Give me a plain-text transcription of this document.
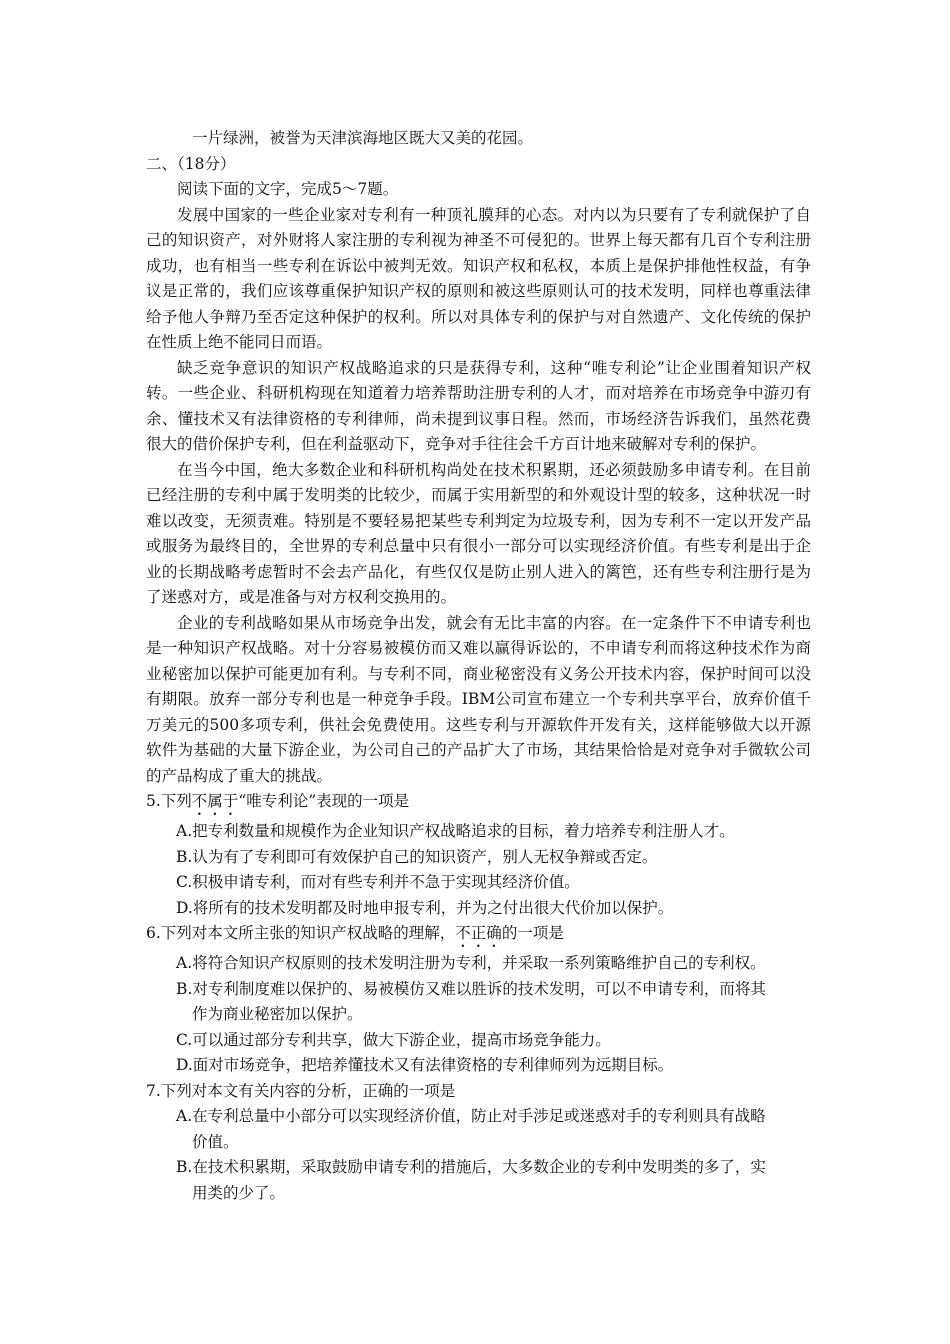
一片绿洲，被誉为天津滨海地区既大又美的花园。
二、（18分）
阅读下面的文字，完成5～7题。

发展中国家的一些企业家对专利有一种顶礼膜拜的心态。对内以为只要有了专利就保护了自己的知识资产，对外财将人家注册的专利视为神圣不可侵犯的。世界上每天都有几百个专利注册成功，也有相当一些专利在诉讼中被判无效。知识产权和私权，本质上是保护排他性权益，有争议是正常的，我们应该尊重保护知识产权的原则和被这些原则认可的技术发明，同样也尊重法律给予他人争辩乃至否定这种保护的权利。所以对具体专利的保护与对自然遗产、文化传统的保护在性质上绝不能同日而语。

缺乏竞争意识的知识产权战略追求的只是获得专利，这种“唯专利论”让企业围着知识产权转。一些企业、科研机构现在知道着力培养帮助注册专利的人才，而对培养在市场竞争中游刃有余、懂技术又有法律资格的专利律师，尚未提到议事日程。然而，市场经济告诉我们，虽然花费很大的借价保护专利，但在利益驱动下，竞争对手往往会千方百计地来破解对专利的保护。

在当今中国，绝大多数企业和科研机构尚处在技术积累期，还必须鼓励多申请专利。在目前已经注册的专利中属于发明类的比较少，而属于实用新型的和外观设计型的较多，这种状况一时难以改变，无须责难。特别是不要轻易把某些专利判定为垃圾专利，因为专利不一定以开发产品或服务为最终目的，全世界的专利总量中只有很小一部分可以实现经济价值。有些专利是出于企业的长期战略考虑暂时不会去产品化，有些仅仅是防止别人进入的篱笆，还有些专利注册行是为了迷惑对方，或是准备与对方权利交换用的。

企业的专利战略如果从市场竞争出发，就会有无比丰富的内容。在一定条件下不申请专利也是一种知识产权战略。对十分容易被模仿而又难以赢得诉讼的，不申请专利而将这种技术作为商业秘密加以保护可能更加有利。与专利不同，商业秘密没有义务公开技术内容，保护时间可以没有期限。放弃一部分专利也是一种竞争手段。IBM公司宣布建立一个专利共享平台，放弃价值千万美元的500多项专利，供社会免费使用。这些专利与开源软件开发有关，这样能够做大以开源软件为基础的大量下游企业，为公司自己的产品扩大了市场，其结果恰恰是对竞争对手微软公司的产品构成了重大的挑战。

5.下列不属于“唯专利论”表现的一项是
A.把专利数量和规模作为企业知识产权战略追求的目标，着力培养专利注册人才。
B.认为有了专利即可有效保护自己的知识资产，别人无权争辩或否定。
C.积极申请专利，而对有些专利并不急于实现其经济价值。
D.将所有的技术发明都及时地申报专利，并为之付出很大代价加以保护。
6.下列对本文所主张的知识产权战略的理解，不正确的一项是
A.将符合知识产权原则的技术发明注册为专利，并采取一系列策略维护自己的专利权。
B.对专利制度难以保护的、易被模仿又难以胜诉的技术发明，可以不申请专利，而将其
作为商业秘密加以保护。
C.可以通过部分专利共享，做大下游企业，提高市场竞争能力。
D.面对市场竞争，把培养懂技术又有法律资格的专利律师列为远期目标。
7.下列对本文有关内容的分析，正确的一项是
A.在专利总量中小部分可以实现经济价值，防止对手涉足或迷惑对手的专利则具有战略
价值。
B.在技术积累期，采取鼓励申请专利的措施后，大多数企业的专利中发明类的多了，实
用类的少了。
